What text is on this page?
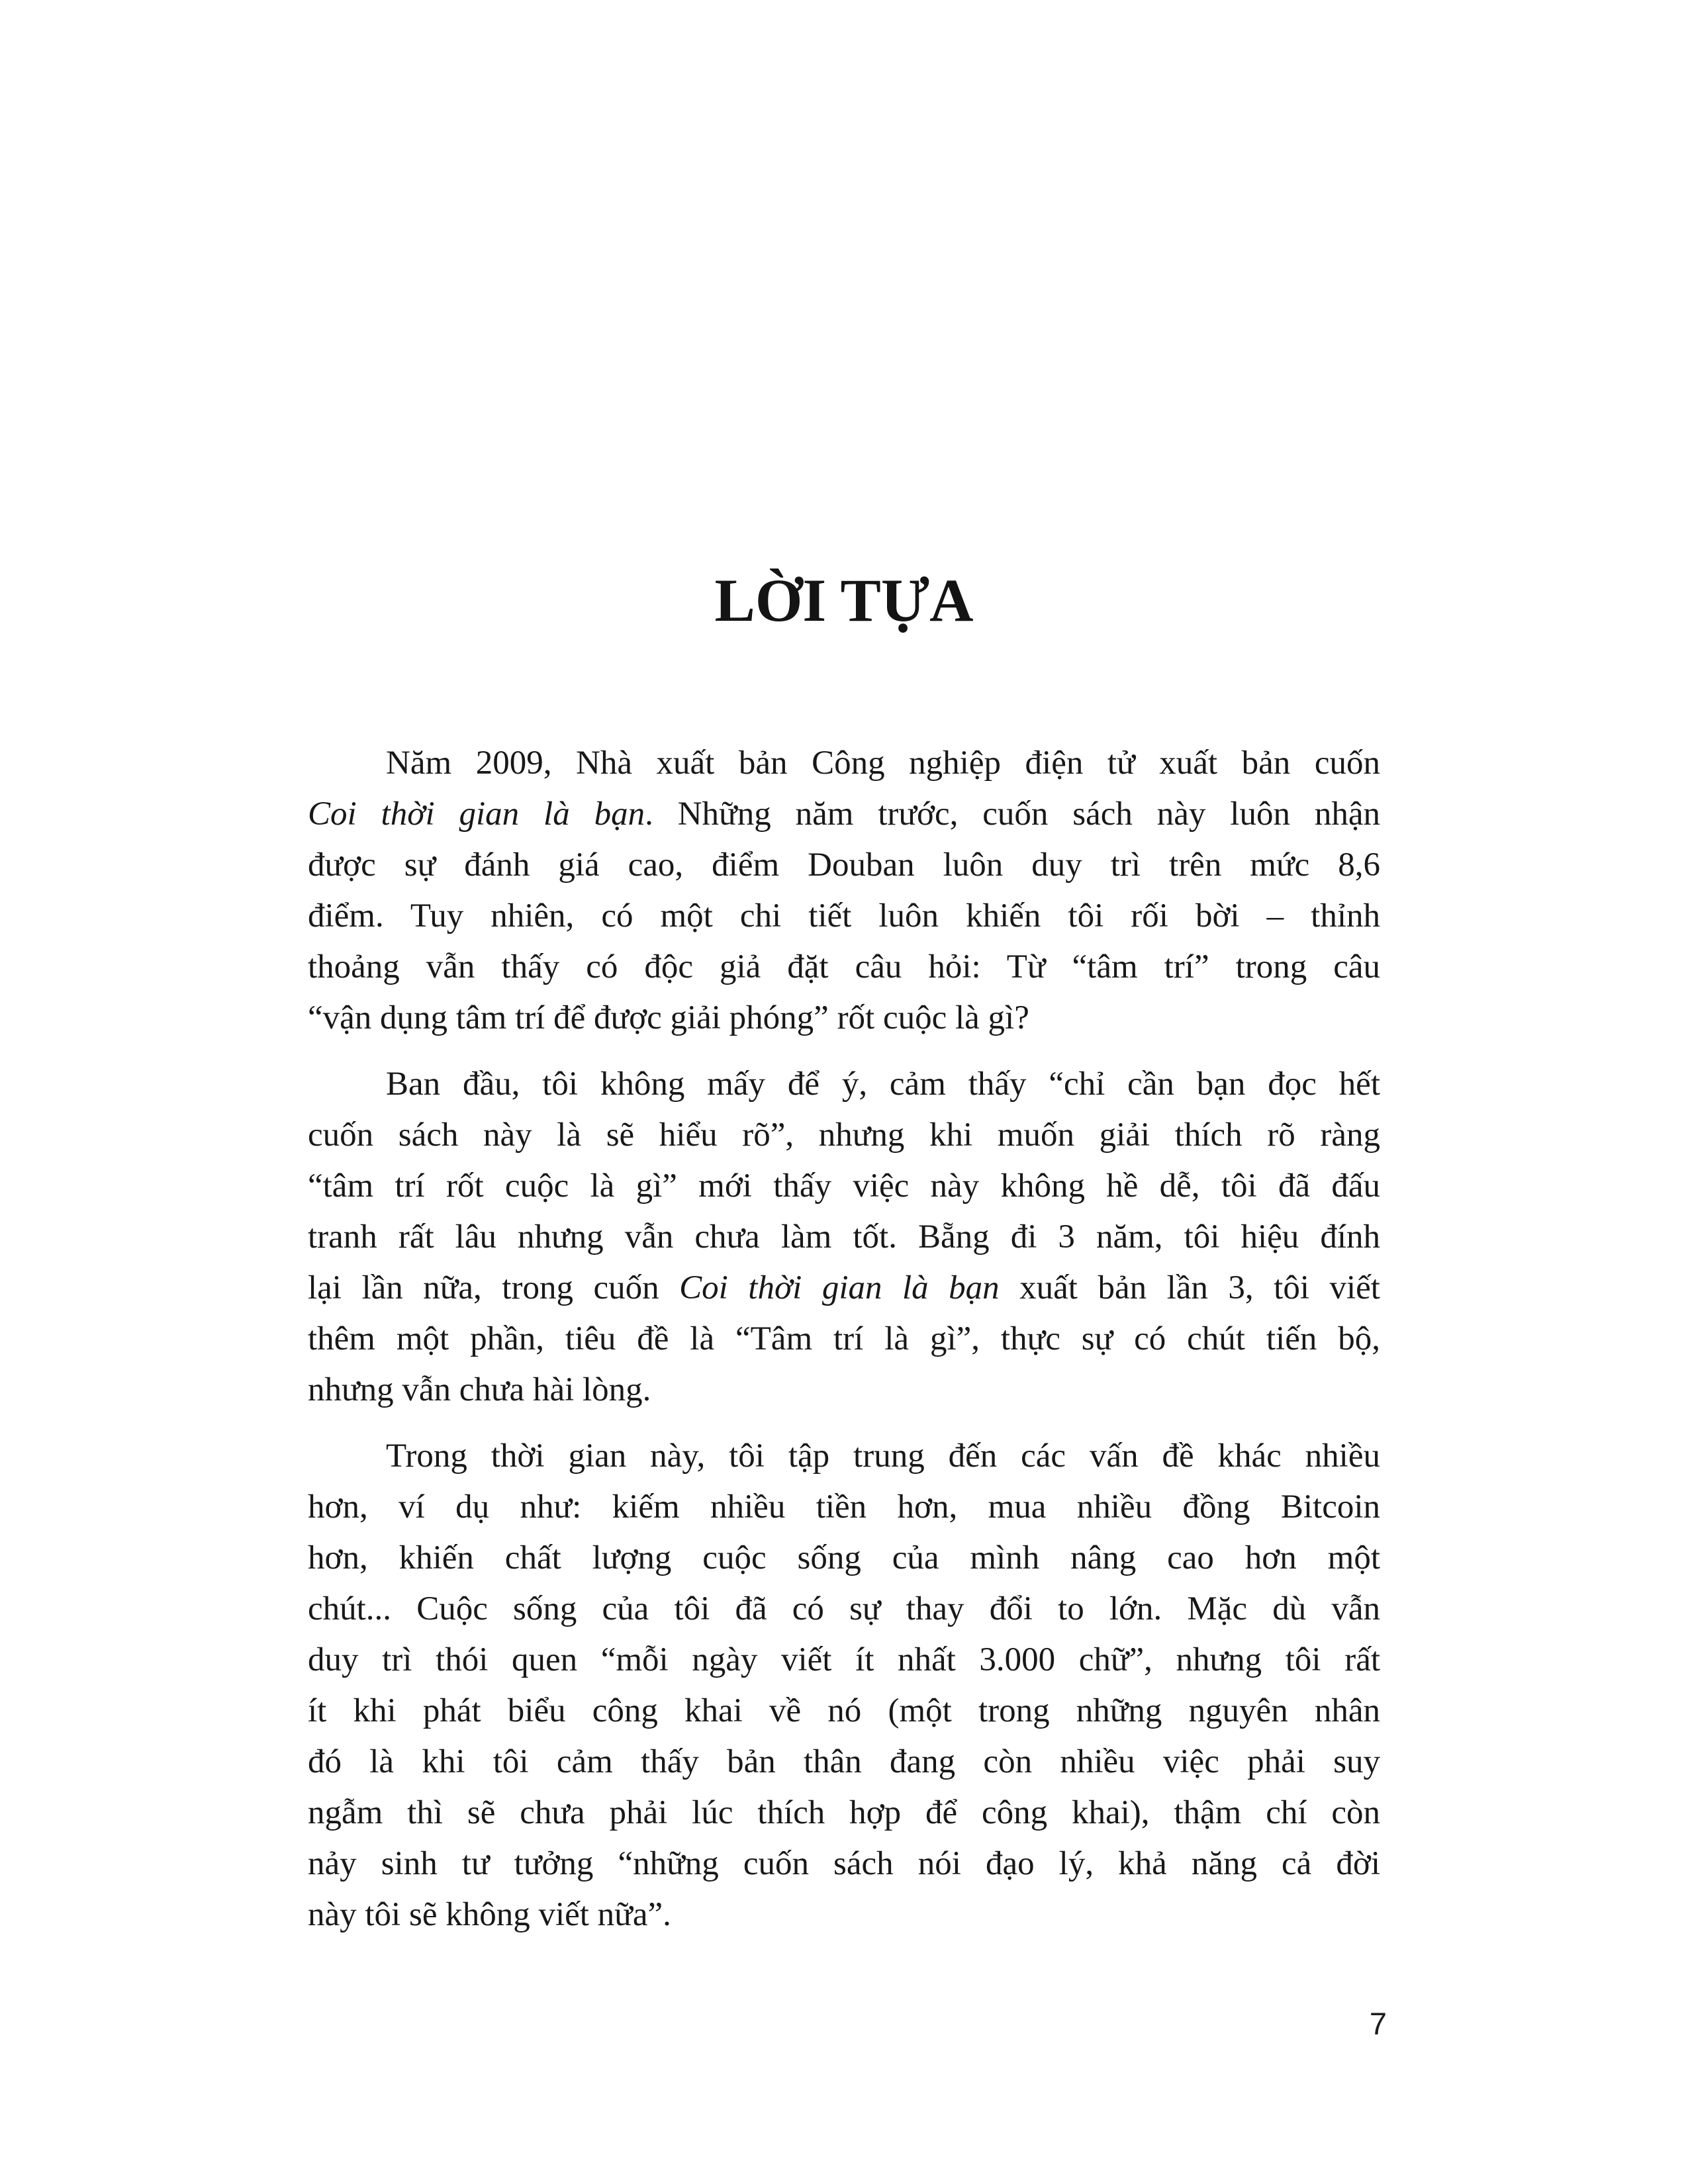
LỜI TỰA
Năm 2009, Nhà xuất bản Công nghiệp điện tử xuất bản cuốn
Coi thời gian là bạn. Những năm trước, cuốn sách này luôn nhận
được sự đánh giá cao, điểm Douban luôn duy trì trên mức 8,6
điểm. Tuy nhiên, có một chi tiết luôn khiến tôi rối bời – thỉnh
thoảng vẫn thấy có độc giả đặt câu hỏi: Từ “tâm trí” trong câu
“vận dụng tâm trí để được giải phóng” rốt cuộc là gì?
Ban đầu, tôi không mấy để ý, cảm thấy “chỉ cần bạn đọc hết
cuốn sách này là sẽ hiểu rõ”, nhưng khi muốn giải thích rõ ràng
“tâm trí rốt cuộc là gì” mới thấy việc này không hề dễ, tôi đã đấu
tranh rất lâu nhưng vẫn chưa làm tốt. Bẵng đi 3 năm, tôi hiệu đính
lại lần nữa, trong cuốn Coi thời gian là bạn xuất bản lần 3, tôi viết
thêm một phần, tiêu đề là “Tâm trí là gì”, thực sự có chút tiến bộ,
nhưng vẫn chưa hài lòng.
Trong thời gian này, tôi tập trung đến các vấn đề khác nhiều
hơn, ví dụ như: kiếm nhiều tiền hơn, mua nhiều đồng Bitcoin
hơn, khiến chất lượng cuộc sống của mình nâng cao hơn một
chút... Cuộc sống của tôi đã có sự thay đổi to lớn. Mặc dù vẫn
duy trì thói quen “mỗi ngày viết ít nhất 3.000 chữ”, nhưng tôi rất
ít khi phát biểu công khai về nó (một trong những nguyên nhân
đó là khi tôi cảm thấy bản thân đang còn nhiều việc phải suy
ngẫm thì sẽ chưa phải lúc thích hợp để công khai), thậm chí còn
nảy sinh tư tưởng “những cuốn sách nói đạo lý, khả năng cả đời
này tôi sẽ không viết nữa”.
7
